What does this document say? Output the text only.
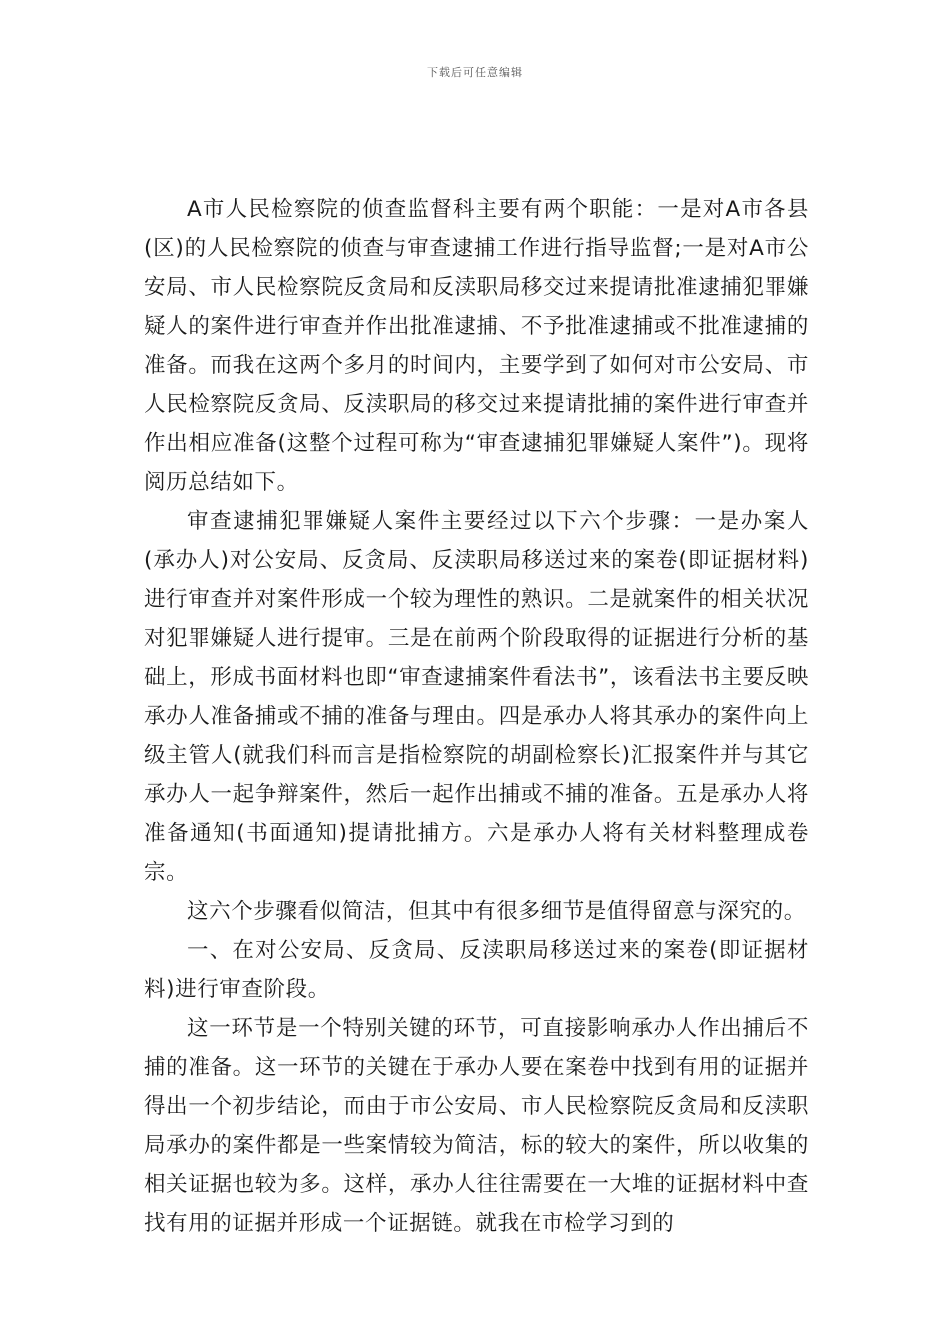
下载后可任意编辑

A市人民检察院的侦查监督科主要有两个职能：一是对A市各县(区)的人民检察院的侦查与审查逮捕工作进行指导监督;一是对A市公安局、市人民检察院反贪局和反渎职局移交过来提请批准逮捕犯罪嫌疑人的案件进行审查并作出批准逮捕、不予批准逮捕或不批准逮捕的准备。而我在这两个多月的时间内，主要学到了如何对市公安局、市人民检察院反贪局、反渎职局的移交过来提请批捕的案件进行审查并作出相应准备(这整个过程可称为“审查逮捕犯罪嫌疑人案件”)。现将阅历总结如下。

审查逮捕犯罪嫌疑人案件主要经过以下六个步骤：一是办案人(承办人)对公安局、反贪局、反渎职局移送过来的案卷(即证据材料)进行审查并对案件形成一个较为理性的熟识。二是就案件的相关状况对犯罪嫌疑人进行提审。三是在前两个阶段取得的证据进行分析的基础上，形成书面材料也即“审查逮捕案件看法书”，该看法书主要反映承办人准备捕或不捕的准备与理由。四是承办人将其承办的案件向上级主管人(就我们科而言是指检察院的胡副检察长)汇报案件并与其它承办人一起争辩案件，然后一起作出捕或不捕的准备。五是承办人将准备通知(书面通知)提请批捕方。六是承办人将有关材料整理成卷宗。

这六个步骤看似简洁，但其中有很多细节是值得留意与深究的。

一、在对公安局、反贪局、反渎职局移送过来的案卷(即证据材料)进行审查阶段。

这一环节是一个特别关键的环节，可直接影响承办人作出捕后不捕的准备。这一环节的关键在于承办人要在案卷中找到有用的证据并得出一个初步结论，而由于市公安局、市人民检察院反贪局和反渎职局承办的案件都是一些案情较为简洁，标的较大的案件，所以收集的相关证据也较为多。这样，承办人往往需要在一大堆的证据材料中查找有用的证据并形成一个证据链。就我在市检学习到的
